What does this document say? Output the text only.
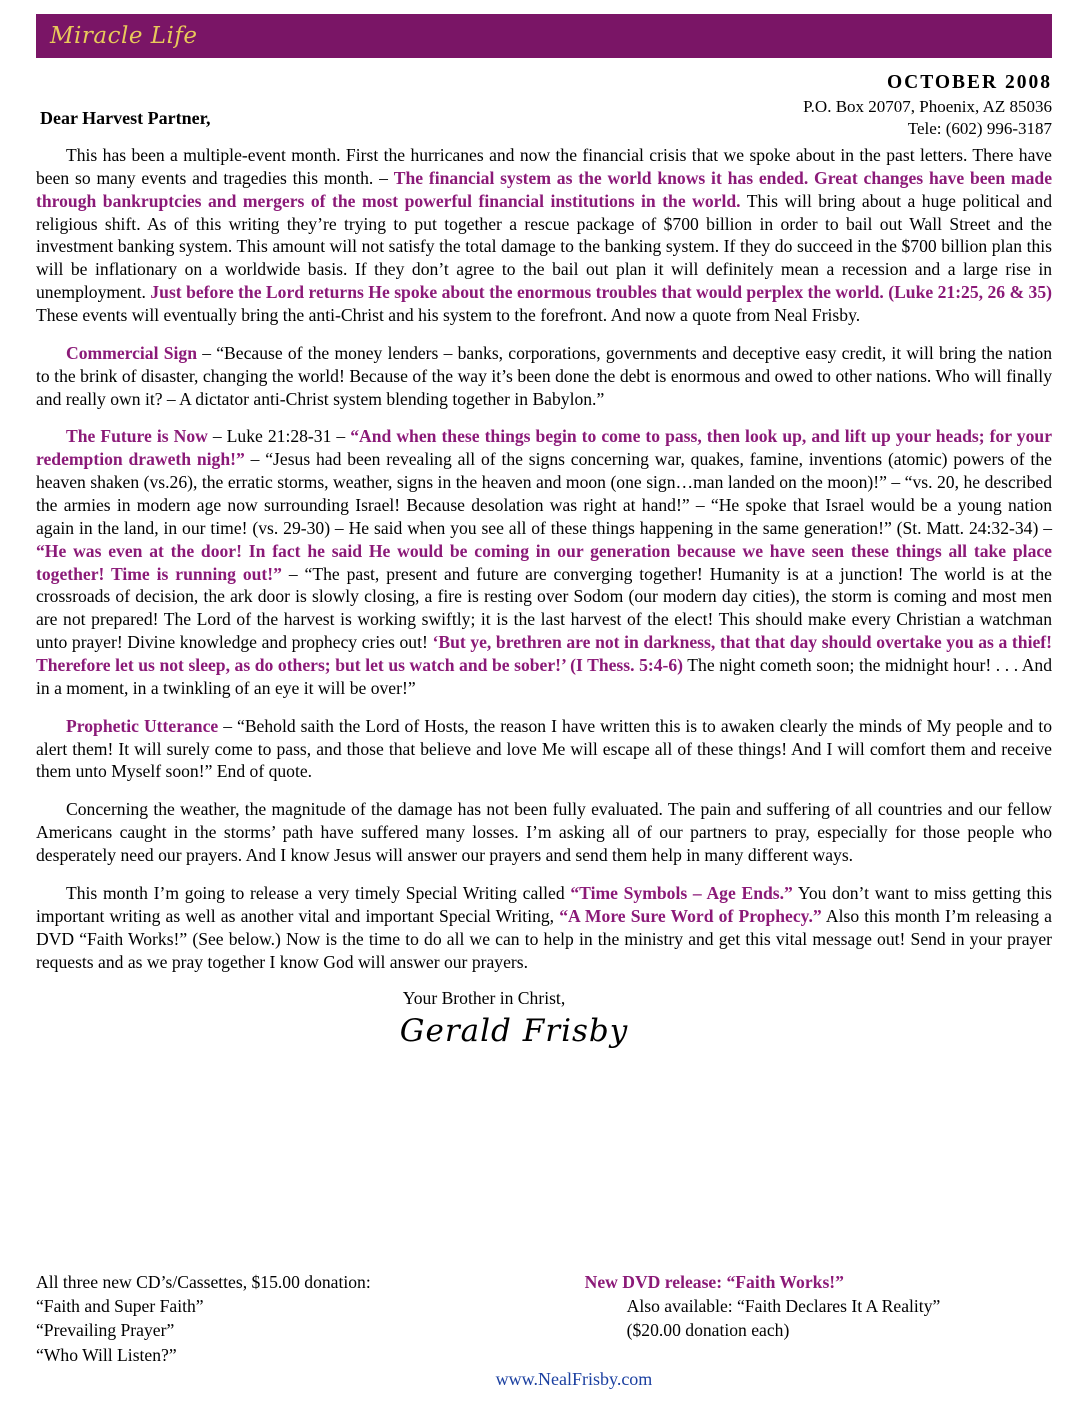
Miracle Life
OCTOBER 2008
P.O. Box 20707, Phoenix, AZ 85036
Tele: (602) 996-3187
Dear Harvest Partner,

This has been a multiple-event month. First the hurricanes and now the financial crisis that we spoke about in the past letters. There have been so many events and tragedies this month. – The financial system as the world knows it has ended. Great changes have been made through bankruptcies and mergers of the most powerful financial institutions in the world. This will bring about a huge political and religious shift. As of this writing they’re trying to put together a rescue package of $700 billion in order to bail out Wall Street and the investment banking system. This amount will not satisfy the total damage to the banking system. If they do succeed in the $700 billion plan this will be inflationary on a worldwide basis. If they don’t agree to the bail out plan it will definitely mean a recession and a large rise in unemployment. Just before the Lord returns He spoke about the enormous troubles that would perplex the world. (Luke 21:25, 26 & 35) These events will eventually bring the anti-Christ and his system to the forefront. And now a quote from Neal Frisby.

Commercial Sign – “Because of the money lenders – banks, corporations, governments and deceptive easy credit, it will bring the nation to the brink of disaster, changing the world! Because of the way it’s been done the debt is enormous and owed to other nations. Who will finally and really own it? – A dictator anti-Christ system blending together in Babylon.”

The Future is Now – Luke 21:28-31 – “And when these things begin to come to pass, then look up, and lift up your heads; for your redemption draweth nigh!” – “Jesus had been revealing all of the signs concerning war, quakes, famine, inventions (atomic) powers of the heaven shaken (vs.26), the erratic storms, weather, signs in the heaven and moon (one sign…man landed on the moon)!” – “vs. 20, he described the armies in modern age now surrounding Israel! Because desolation was right at hand!” – “He spoke that Israel would be a young nation again in the land, in our time! (vs. 29-30) – He said when you see all of these things happening in the same generation!” (St. Matt. 24:32-34) – “He was even at the door! In fact he said He would be coming in our generation because we have seen these things all take place together! Time is running out!” – “The past, present and future are converging together! Humanity is at a junction! The world is at the crossroads of decision, the ark door is slowly closing, a fire is resting over Sodom (our modern day cities), the storm is coming and most men are not prepared! The Lord of the harvest is working swiftly; it is the last harvest of the elect! This should make every Christian a watchman unto prayer! Divine knowledge and prophecy cries out! ‘But ye, brethren are not in darkness, that that day should overtake you as a thief! Therefore let us not sleep, as do others; but let us watch and be sober!’ (I Thess. 5:4-6) The night cometh soon; the midnight hour! . . . And in a moment, in a twinkling of an eye it will be over!”

Prophetic Utterance – “Behold saith the Lord of Hosts, the reason I have written this is to awaken clearly the minds of My people and to alert them! It will surely come to pass, and those that believe and love Me will escape all of these things! And I will comfort them and receive them unto Myself soon!” End of quote.

Concerning the weather, the magnitude of the damage has not been fully evaluated. The pain and suffering of all countries and our fellow Americans caught in the storms’ path have suffered many losses. I’m asking all of our partners to pray, especially for those people who desperately need our prayers. And I know Jesus will answer our prayers and send them help in many different ways.

This month I’m going to release a very timely Special Writing called “Time Symbols – Age Ends.” You don’t want to miss getting this important writing as well as another vital and important Special Writing, “A More Sure Word of Prophecy.” Also this month I’m releasing a DVD “Faith Works!” (See below.) Now is the time to do all we can to help in the ministry and get this vital message out! Send in your prayer requests and as we pray together I know God will answer our prayers.

Your Brother in Christ,
Gerald Frisby
All three new CD’s/Cassettes, $15.00 donation:
“Faith and Super Faith”
“Prevailing Prayer”
“Who Will Listen?”
New DVD release: “Faith Works!”
Also available: “Faith Declares It A Reality”
($20.00 donation each)
www.NealFrisby.com
